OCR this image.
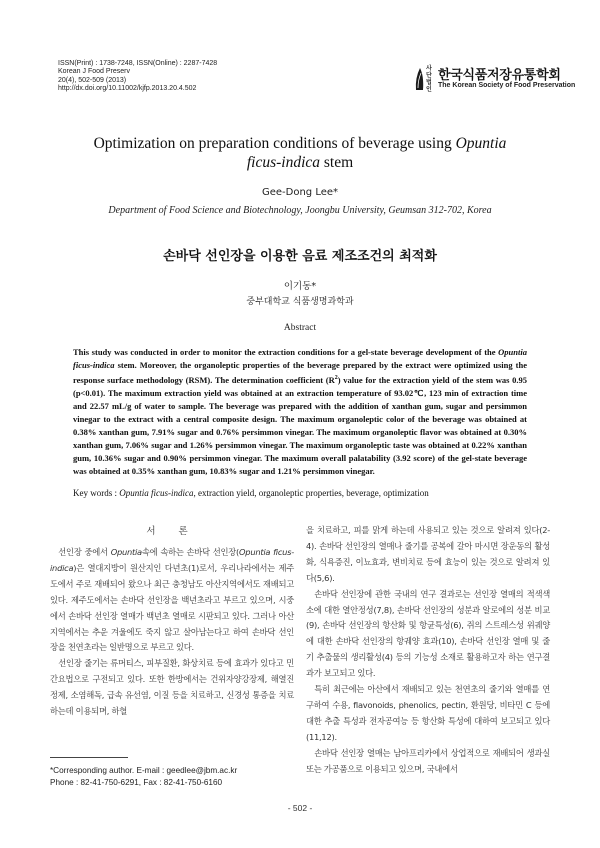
ISSN(Print) : 1738-7248, ISSN(Online) : 2287-7428
Korean J Food Preserv
20(4), 502-509 (2013)
http://dx.doi.org/10.11002/kjfp.2013.20.4.502
사단법인
한국식품저장유통학회
The Korean Society of Food Preservation
Optimization on preparation conditions of beverage using Opuntia
ficus-indica stem
Gee-Dong Lee*
Department of Food Science and Biotechnology, Joongbu University, Geumsan 312-702, Korea
손바닥 선인장을 이용한 음료 제조조건의 최적화
이기동*
중부대학교 식품생명과학과
Abstract
This study was conducted in order to monitor the extraction conditions for a gel-state beverage development of the Opuntia ficus-indica stem. Moreover, the organoleptic properties of the beverage prepared by the extract were optimized using the response surface methodology (RSM). The determination coefficient $(R^2)$ value for the extraction yield of the stem was 0.95 (p<0.01). The maximum extraction yield was obtained at an extraction temperature of 93.02℃, 123 min of extraction time and 22.57 mL/g of water to sample. The beverage was prepared with the addition of xanthan gum, sugar and persimmon vinegar to the extract with a central composite design. The maximum organoleptic color of the beverage was obtained at 0.38% xanthan gum, 7.91% sugar and 0.76% persimmon vinegar. The maximum organoleptic flavor was obtained at 0.30% xanthan gum, 7.06% sugar and 1.26% persimmon vinegar. The maximum organoleptic taste was obtained at 0.22% xanthan gum, 10.36% sugar and 0.90% persimmon vinegar. The maximum overall palatability (3.92 score) of the gel-state beverage was obtained at 0.35% xanthan gum, 10.83% sugar and 1.21% persimmon vinegar.
Key words : Opuntia ficus-indica, extraction yield, organoleptic properties, beverage, optimization
서 론

선인장 중에서 Opuntia속에 속하는 손바닥 선인장(Opuntia ficus-indica)은 열대지방이 원산지인 다년초(1)로서, 우리나라에서는 제주도에서 주로 재배되어 왔으나 최근 충청남도 아산지역에서도 재배되고 있다. 제주도에서는 손바닥 선인장을 백년초라고 부르고 있으며, 시중에서 손바닥 선인장 열매가 백년초 열매로 시판되고 있다. 그러나 아산지역에서는 추운 겨울에도 죽지 않고 살아남는다고 하여 손바닥 선인장을 천연초라는 일반명으로 부르고 있다.

선인장 줄기는 류머티스, 피부질환, 화상치료 등에 효과가 있다고 민간요법으로 구전되고 있다. 또한 한방에서는 건위자양강장제, 해열진정제, 소염해독, 급속 유선염, 이질 등을 치료하고, 신경성 통증을 치료하는데 이용되며, 하혈

을 치료하고, 피를 맑게 하는데 사용되고 있는 것으로 알려져 있다(2-4). 손바닥 선인장의 열매나 줄기를 공복에 갈아 마시면 장운동의 활성화, 식욕증진, 이뇨효과, 변비치료 등에 효능이 있는 것으로 알려져 있다(5,6).

손바닥 선인장에 관한 국내의 연구 결과로는 선인장 열매의 적색색소에 대한 열안정성(7,8), 손바닥 선인장의 성분과 알로에의 성분 비교(9), 손바닥 선인장의 항산화 및 항균특성(6), 쥐의 스트레스성 위궤양에 대한 손바닥 선인장의 항궤양 효과(10), 손바닥 선인장 열매 및 줄기 추출물의 생리활성(4) 등의 기능성 소재로 활용하고자 하는 연구결과가 보고되고 있다.

특히 최근에는 아산에서 재배되고 있는 천연초의 줄기와 열매를 연구하여 수용, flavonoids, phenolics, pectin, 환원당, 비타민 C 등에 대한 추출 특성과 전자공여능 등 항산화 특성에 대하여 보고되고 있다(11,12).

손바닥 선인장 열매는 남아프리카에서 상업적으로 재배되어 생과실 또는 가공품으로 이용되고 있으며, 국내에서

*Corresponding author. E-mail : geedlee@jbm.ac.kr
Phone : 82-41-750-6291, Fax : 82-41-750-6160
- 502 -
